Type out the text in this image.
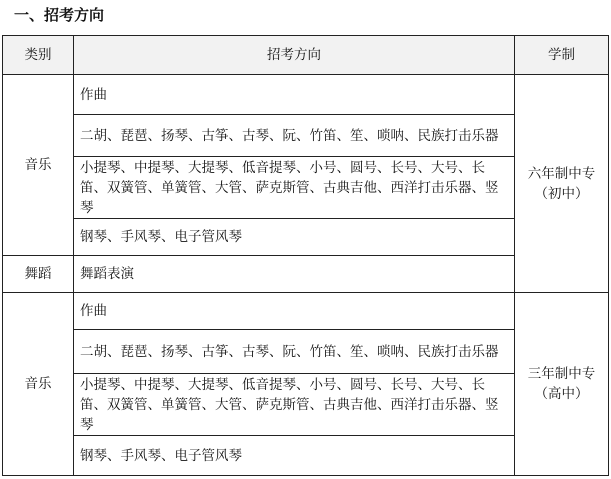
一、招考方向
类别	招考方向	学制
音乐	作曲	六年制中专
（初中）

	二胡、琵琶、扬琴、古筝、古琴、阮、竹笛、笙、唢呐、民族打击乐器	
	小提琴、中提琴、大提琴、低音提琴、小号、圆号、长号、大号、长笛、双簧管、单簧管、大管、萨克斯管、古典吉他、西洋打击乐器、竖琴	
	钢琴、手风琴、电子管风琴	
舞蹈	舞蹈表演	
音乐	作曲	三年制中专
（高中）

	二胡、琵琶、扬琴、古筝、古琴、阮、竹笛、笙、唢呐、民族打击乐器	
	小提琴、中提琴、大提琴、低音提琴、小号、圆号、长号、大号、长笛、双簧管、单簧管、大管、萨克斯管、古典吉他、西洋打击乐器、竖琴	
	钢琴、手风琴、电子管风琴	
